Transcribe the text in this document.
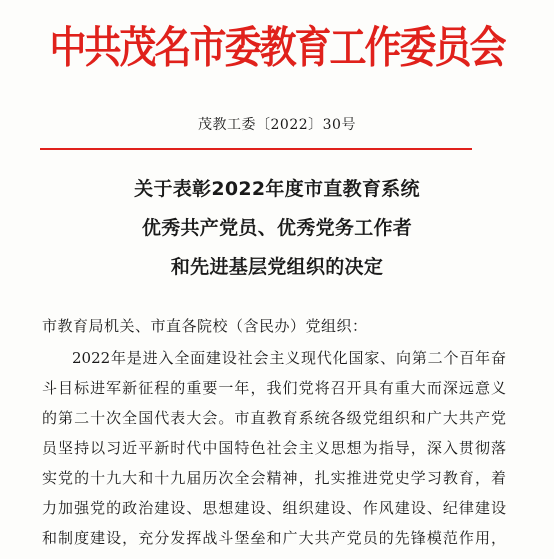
中共茂名市委教育工作委员会
茂教工委〔2022〕30号
关于表彰2022年度市直教育系统
优秀共产党员、优秀党务工作者
和先进基层党组织的决定
市教育局机关、市直各院校（含民办）党组织：
2022年是进入全面建设社会主义现代化国家、向第二个百年奋
斗目标进军新征程的重要一年，我们党将召开具有重大而深远意义
的第二十次全国代表大会。市直教育系统各级党组织和广大共产党
员坚持以习近平新时代中国特色社会主义思想为指导，深入贯彻落
实党的十九大和十九届历次全会精神，扎实推进党史学习教育，着
力加强党的政治建设、思想建设、组织建设、作风建设、纪律建设
和制度建设，充分发挥战斗堡垒和广大共产党员的先锋模范作用，
